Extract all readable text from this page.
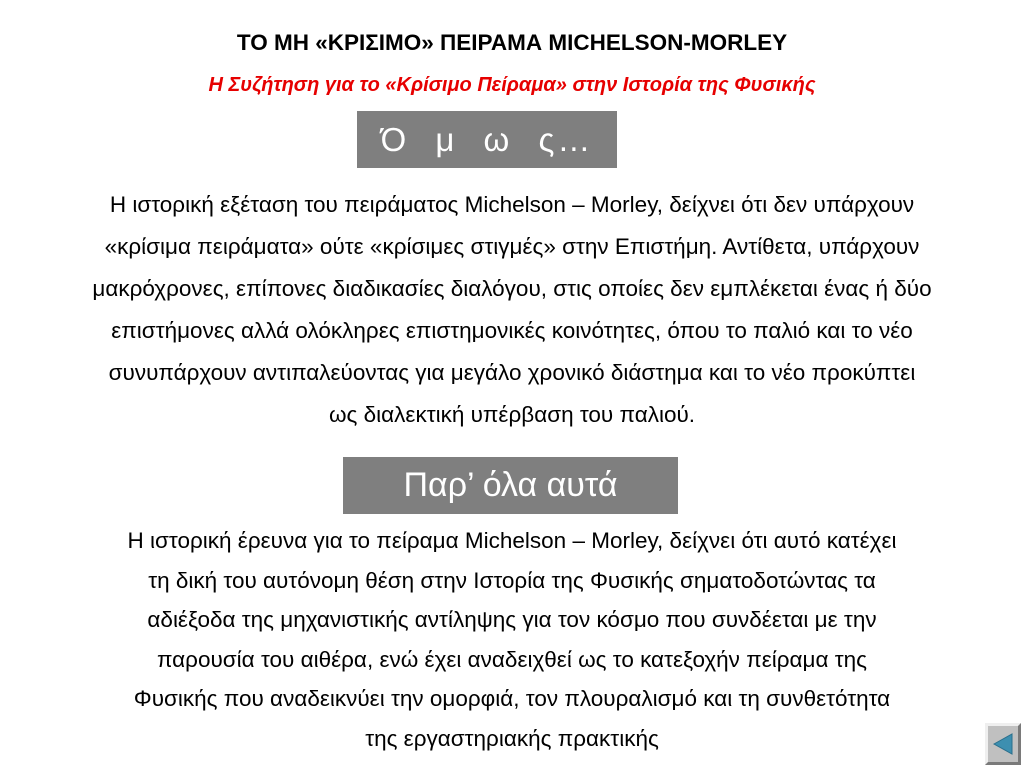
ΤΟ ΜΗ «ΚΡΙΣΙΜΟ» ΠΕΙΡΑΜΑ MICHELSON-MORLEY
Η Συζήτηση για το «Κρίσιμο Πείραμα» στην Ιστορία της Φυσικής
Ό μ ω ς…
Η ιστορική εξέταση του πειράματος Michelson – Morley, δείχνει ότι δεν υπάρχουν
«κρίσιμα πειράματα» ούτε «κρίσιμες στιγμές» στην Επιστήμη. Αντίθετα, υπάρχουν
μακρόχρονες, επίπονες διαδικασίες διαλόγου, στις οποίες δεν εμπλέκεται ένας ή δύο
επιστήμονες αλλά ολόκληρες επιστημονικές κοινότητες, όπου το παλιό και το νέο
συνυπάρχουν αντιπαλεύοντας για μεγάλο χρονικό διάστημα και το νέο προκύπτει
ως διαλεκτική υπέρβαση του παλιού.
Παρ’ όλα αυτά
Η ιστορική έρευνα για το πείραμα Michelson – Morley, δείχνει ότι αυτό κατέχει
τη δική του αυτόνομη θέση στην Ιστορία της Φυσικής σηματοδοτώντας τα
αδιέξοδα της μηχανιστικής αντίληψης για τον κόσμο που συνδέεται με την
παρουσία του αιθέρα, ενώ έχει αναδειχθεί ως το κατεξοχήν πείραμα της
Φυσικής που αναδεικνύει την ομορφιά, τον πλουραλισμό και τη συνθετότητα
της εργαστηριακής πρακτικής
